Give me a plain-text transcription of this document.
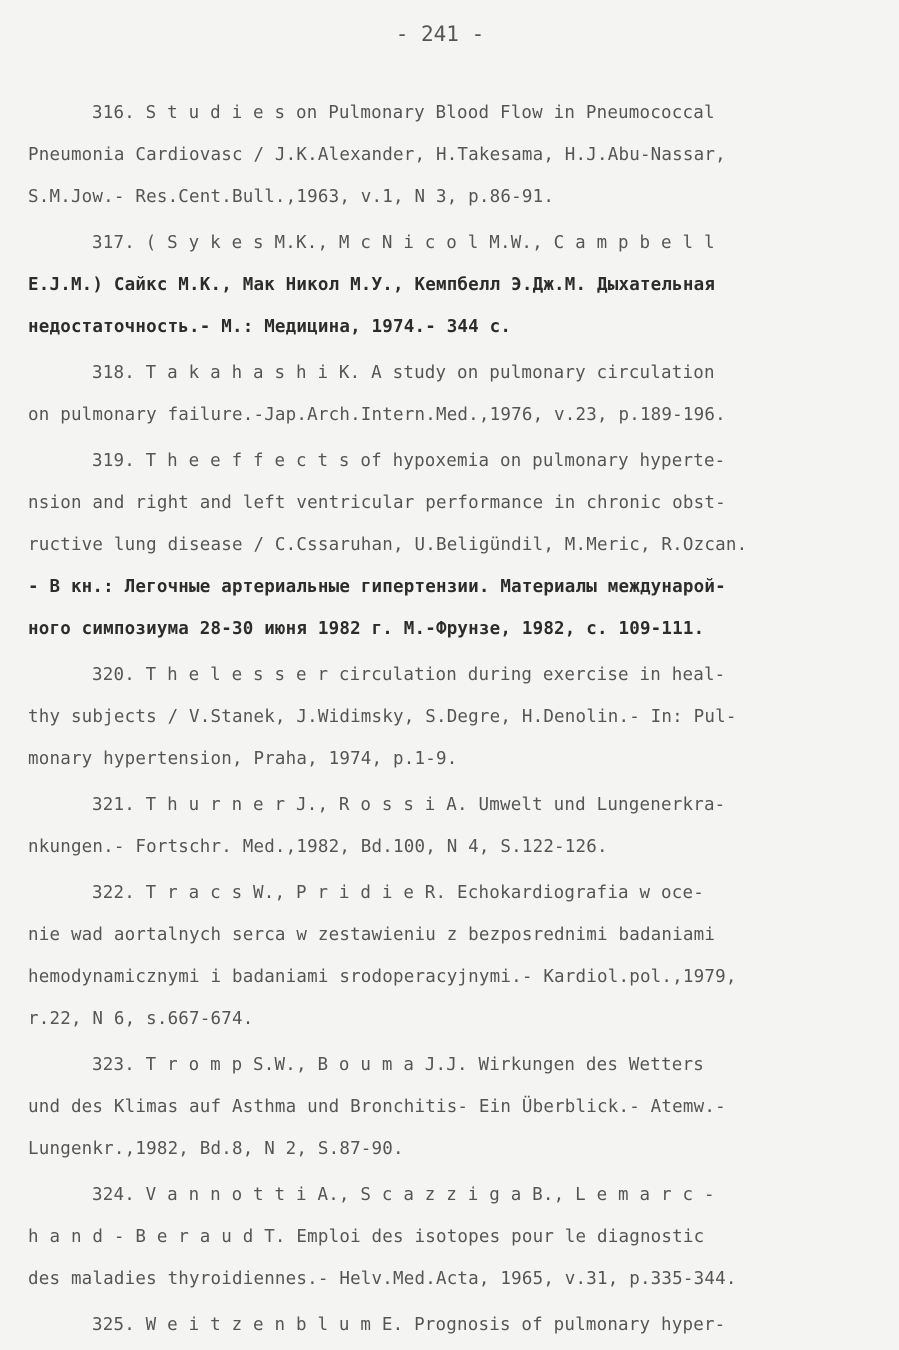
- 241 -
316. S t u d i e s on Pulmonary Blood Flow in Pneumococcal
Pneumonia Cardiovasc / J.K.Alexander, H.Takesama, H.J.Abu-Nassar,
S.M.Jow.- Res.Cent.Bull.,1963, v.1, N 3, p.86-91.
317. ( S y k e s M.K., M c N i c o l M.W., C a m p b e l l
E.J.M.) Сайкс М.К., Мак Никол М.У., Кемпбелл Э.Дж.М. Дыхательная
недостаточность.- М.: Медицина, 1974.- 344 с.
318. T a k a h a s h i K. A study on pulmonary circulation
on pulmonary failure.-Jap.Arch.Intern.Med.,1976, v.23, p.189-196.
319. T h e e f f e c t s of hypoxemia on pulmonary hyperte-
nsion and right and left ventricular performance in chronic obst-
ructive lung disease / C.Cssaruhan, U.Beligündil, M.Meric, R.Ozcan.
- В кн.: Легочные артериальные гипертензии. Материалы междунарой-
ного симпозиума 28-30 июня 1982 г. М.-Фрунзе, 1982, с. 109-111.
320. T h e l e s s e r circulation during exercise in heal-
thy subjects / V.Stanek, J.Widimsky, S.Degre, H.Denolin.- In: Pul-
monary hypertension, Praha, 1974, p.1-9.
321. T h u r n e r J., R o s s i A. Umwelt und Lungenerkra-
nkungen.- Fortschr. Med.,1982, Bd.100, N 4, S.122-126.
322. T r a c s W., P r i d i e R. Echokardiografia w oce-
nie wad aortalnych serca w zestawieniu z bezposrednimi badaniami
hemodynamicznymi i badaniami srodoperacyjnymi.- Kardiol.pol.,1979,
r.22, N 6, s.667-674.
323. T r o m p S.W., B o u m a J.J. Wirkungen des Wetters
und des Klimas auf Asthma und Bronchitis- Ein Überblick.- Atemw.-
Lungenkr.,1982, Bd.8, N 2, S.87-90.
324. V a n n o t t i A., S c a z z i g a B., L e m a r c -
h a n d - B e r a u d T. Emploi des isotopes pour le diagnostic
des maladies thyroidiennes.- Helv.Med.Acta, 1965, v.31, p.335-344.
325. W e i t z e n b l u m E. Prognosis of pulmonary hyper-
